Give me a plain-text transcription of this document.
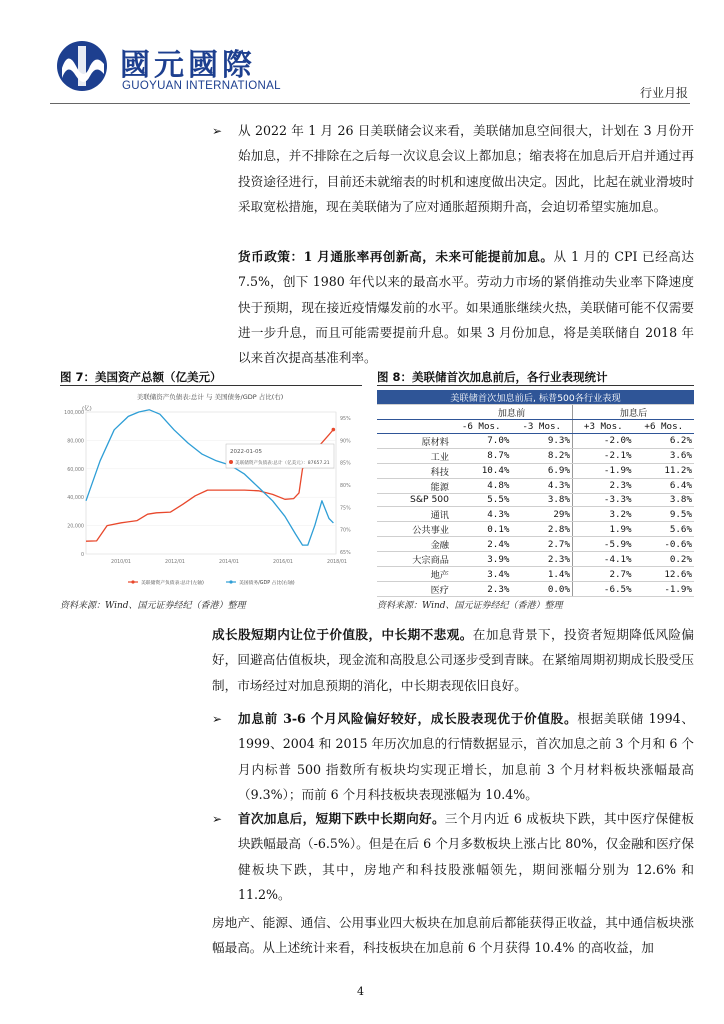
國元國際
GUOYUAN INTERNATIONAL	行业月报
➢ 从 2022 年 1 月 26 日美联储会议来看，美联储加息空间很大，计划在 3 月份开始加息，并不排除在之后每一次议息会议上都加息；缩表将在加息后开启并通过再投资途径进行，目前还未就缩表的时机和速度做出决定。因此，比起在就业滑坡时采取宽松措施，现在美联储为了应对通胀超预期升高，会迫切希望实施加息。
货币政策：1 月通胀率再创新高，未来可能提前加息。从 1 月的 CPI 已经高达 7.5%，创下 1980 年代以来的最高水平。劳动力市场的紧俏推动失业率下降速度快于预期，现在接近疫情爆发前的水平。如果通胀继续火热，美联储可能不仅需要进一步升息，而且可能需要提前升息。如果 3 月份加息，将是美联储自 2018 年以来首次提高基准利率。
图 7：美国资产总额（亿美元）
美联储资产负债表:总计 与 美国债务/GDP 占比(右)
(亿)
100,000
80,000
60,000
40,000
20,000
0
95%
90%
85%
80%
75%
70%
65%
2010/01	2012/01	2014/01	2016/01	2018/01
2022-01-05
美联储资产负债表:总计（亿美元）：87657.21
美联储资产负债表:总计(左轴)	美国债务/GDP 占比(右轴)
资料来源：Wind、国元证券经纪（香港）整理
图 8：美联储首次加息前后，各行业表现统计
美联储首次加息前后, 标普500各行业表现				
	加息前		加息后	
	-6 Mos.	-3 Mos.	+3 Mos.	+6 Mos.
原材料	7.0%	9.3%	-2.0%	6.2%
工业	8.7%	8.2%	-2.1%	3.6%
科技	10.4%	6.9%	-1.9%	11.2%
能源	4.8%	4.3%	2.3%	6.4%
S&P 500	5.5%	3.8%	-3.3%	3.8%
通讯	4.3%	29%	3.2%	9.5%
公共事业	0.1%	2.8%	1.9%	5.6%
金融	2.4%	2.7%	-5.9%	-0.6%
大宗商品	3.9%	2.3%	-4.1%	0.2%
地产	3.4%	1.4%	2.7%	12.6%
医疗	2.3%	0.0%	-6.5%	-1.9%
资料来源：Wind、国元证券经纪（香港）整理
成长股短期内让位于价值股，中长期不悲观。在加息背景下，投资者短期降低风险偏好，回避高估值板块，现金流和高股息公司逐步受到青睐。在紧缩周期初期成长股受压制，市场经过对加息预期的消化，中长期表现依旧良好。
➢ 加息前 3-6 个月风险偏好较好，成长股表现优于价值股。根据美联储 1994、1999、2004 和 2015 年历次加息的行情数据显示，首次加息之前 3 个月和 6 个月内标普 500 指数所有板块均实现正增长，加息前 3 个月材料板块涨幅最高（9.3%）；而前 6 个月科技板块表现涨幅为 10.4%。
➢ 首次加息后，短期下跌中长期向好。三个月内近 6 成板块下跌，其中医疗保健板块跌幅最高（-6.5%）。但是在后 6 个月多数板块上涨占比 80%，仅金融和医疗保健板块下跌，其中，房地产和科技股涨幅领先，期间涨幅分别为 12.6% 和 11.2%。
房地产、能源、通信、公用事业四大板块在加息前后都能获得正收益，其中通信板块涨幅最高。从上述统计来看，科技板块在加息前 6 个月获得 10.4% 的高收益，加
4
